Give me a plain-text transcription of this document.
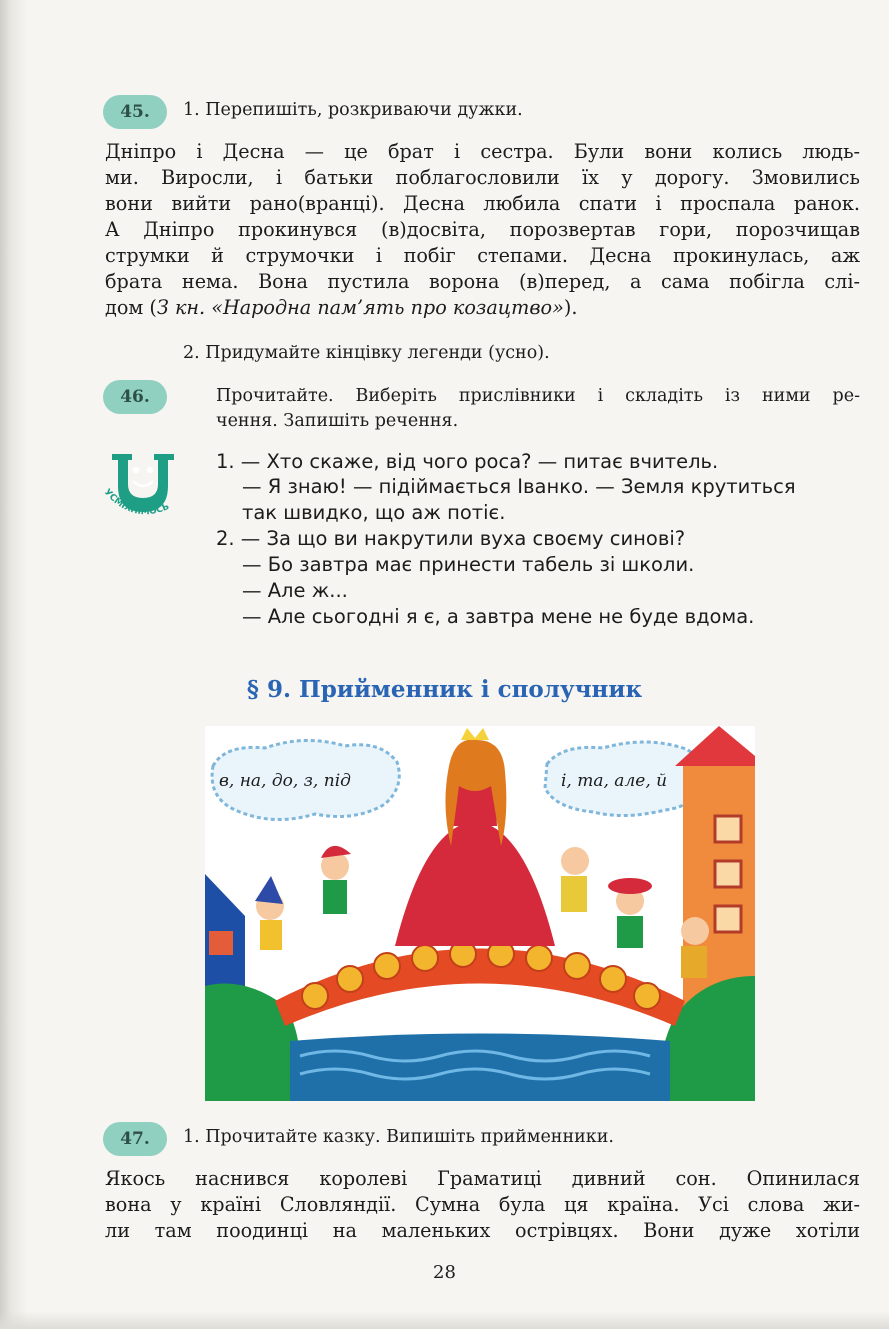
45. 1. Перепишіть, розкриваючи дужки.
Дніпро і Десна — це брат і сестра. Були вони колись людь-
ми. Виросли, і батьки поблагословили їх у дорогу. Змовились
вони вийти рано(вранці). Десна любила спати і проспала ранок.
А Дніпро прокинувся (в)досвіта, порозвертав гори, порозчищав
струмки й струмочки і побіг степами. Десна прокинулась, аж
брата нема. Вона пустила ворона (в)перед, а сама побігла слі-
дом (З кн. «Народна пам’ять про козацтво»).
2. Придумайте кінцівку легенди (усно).
46.	Прочитайте. Виберіть прислівники і складіть із ними ре-
чення. Запишіть речення.
УСМІХНІМОСЬ
1. — Хто скаже, від чого роса? — питає вчитель.
— Я знаю! — підіймається Іванко. — Земля крутиться
так швидко, що аж потіє.
2. — За що ви накрутили вуха своєму синові?
— Бо завтра має принести табель зі школи.
— Але ж...
— Але сьогодні я є, а завтра мене не буде вдома.
§ 9. Прийменник і сполучник
в, на, до, з, під	і, та, але, й
47. 1. Прочитайте казку. Випишіть прийменники.
Якось наснився королеві Граматиці дивний сон. Опинилася
вона у країні Словляндії. Сумна була ця країна. Усі слова жи-
ли там поодинці на маленьких острівцях. Вони дуже хотіли
28
